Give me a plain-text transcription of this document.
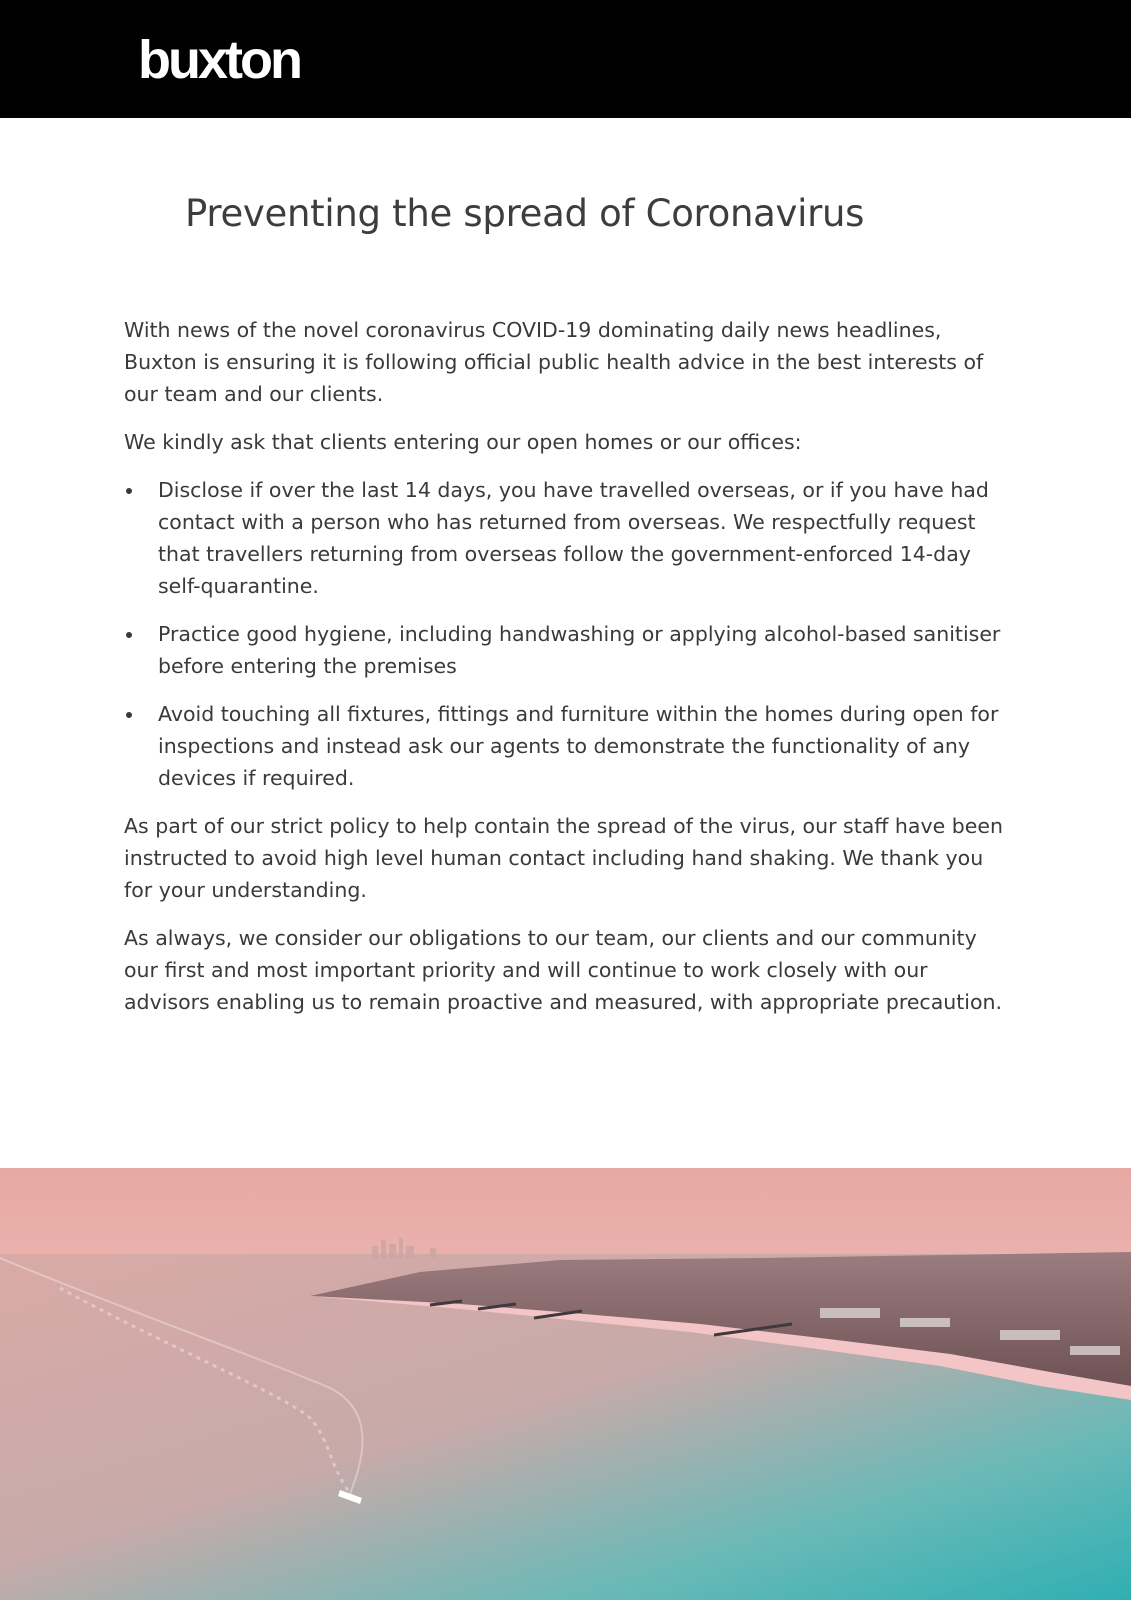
buxton
Preventing the spread of Coronavirus

With news of the novel coronavirus COVID-19 dominating daily news headlines, Buxton is ensuring it is following official public health advice in the best interests of our team and our clients.

We kindly ask that clients entering our open homes or our offices:

Disclose if over the last 14 days, you have travelled overseas, or if you have had contact with a person who has returned from overseas. We respectfully request that travellers returning from overseas follow the government-enforced 14-day self-quarantine.
Practice good hygiene, including handwashing or applying alcohol-based sanitiser before entering the premises
Avoid touching all fixtures, fittings and furniture within the homes during open for inspections and instead ask our agents to demonstrate the functionality of any devices if required.

As part of our strict policy to help contain the spread of the virus, our staff have been instructed to avoid high level human contact including hand shaking. We thank you for your understanding.

As always, we consider our obligations to our team, our clients and our community our first and most important priority and will continue to work closely with our advisors enabling us to remain proactive and measured, with appropriate precaution.
